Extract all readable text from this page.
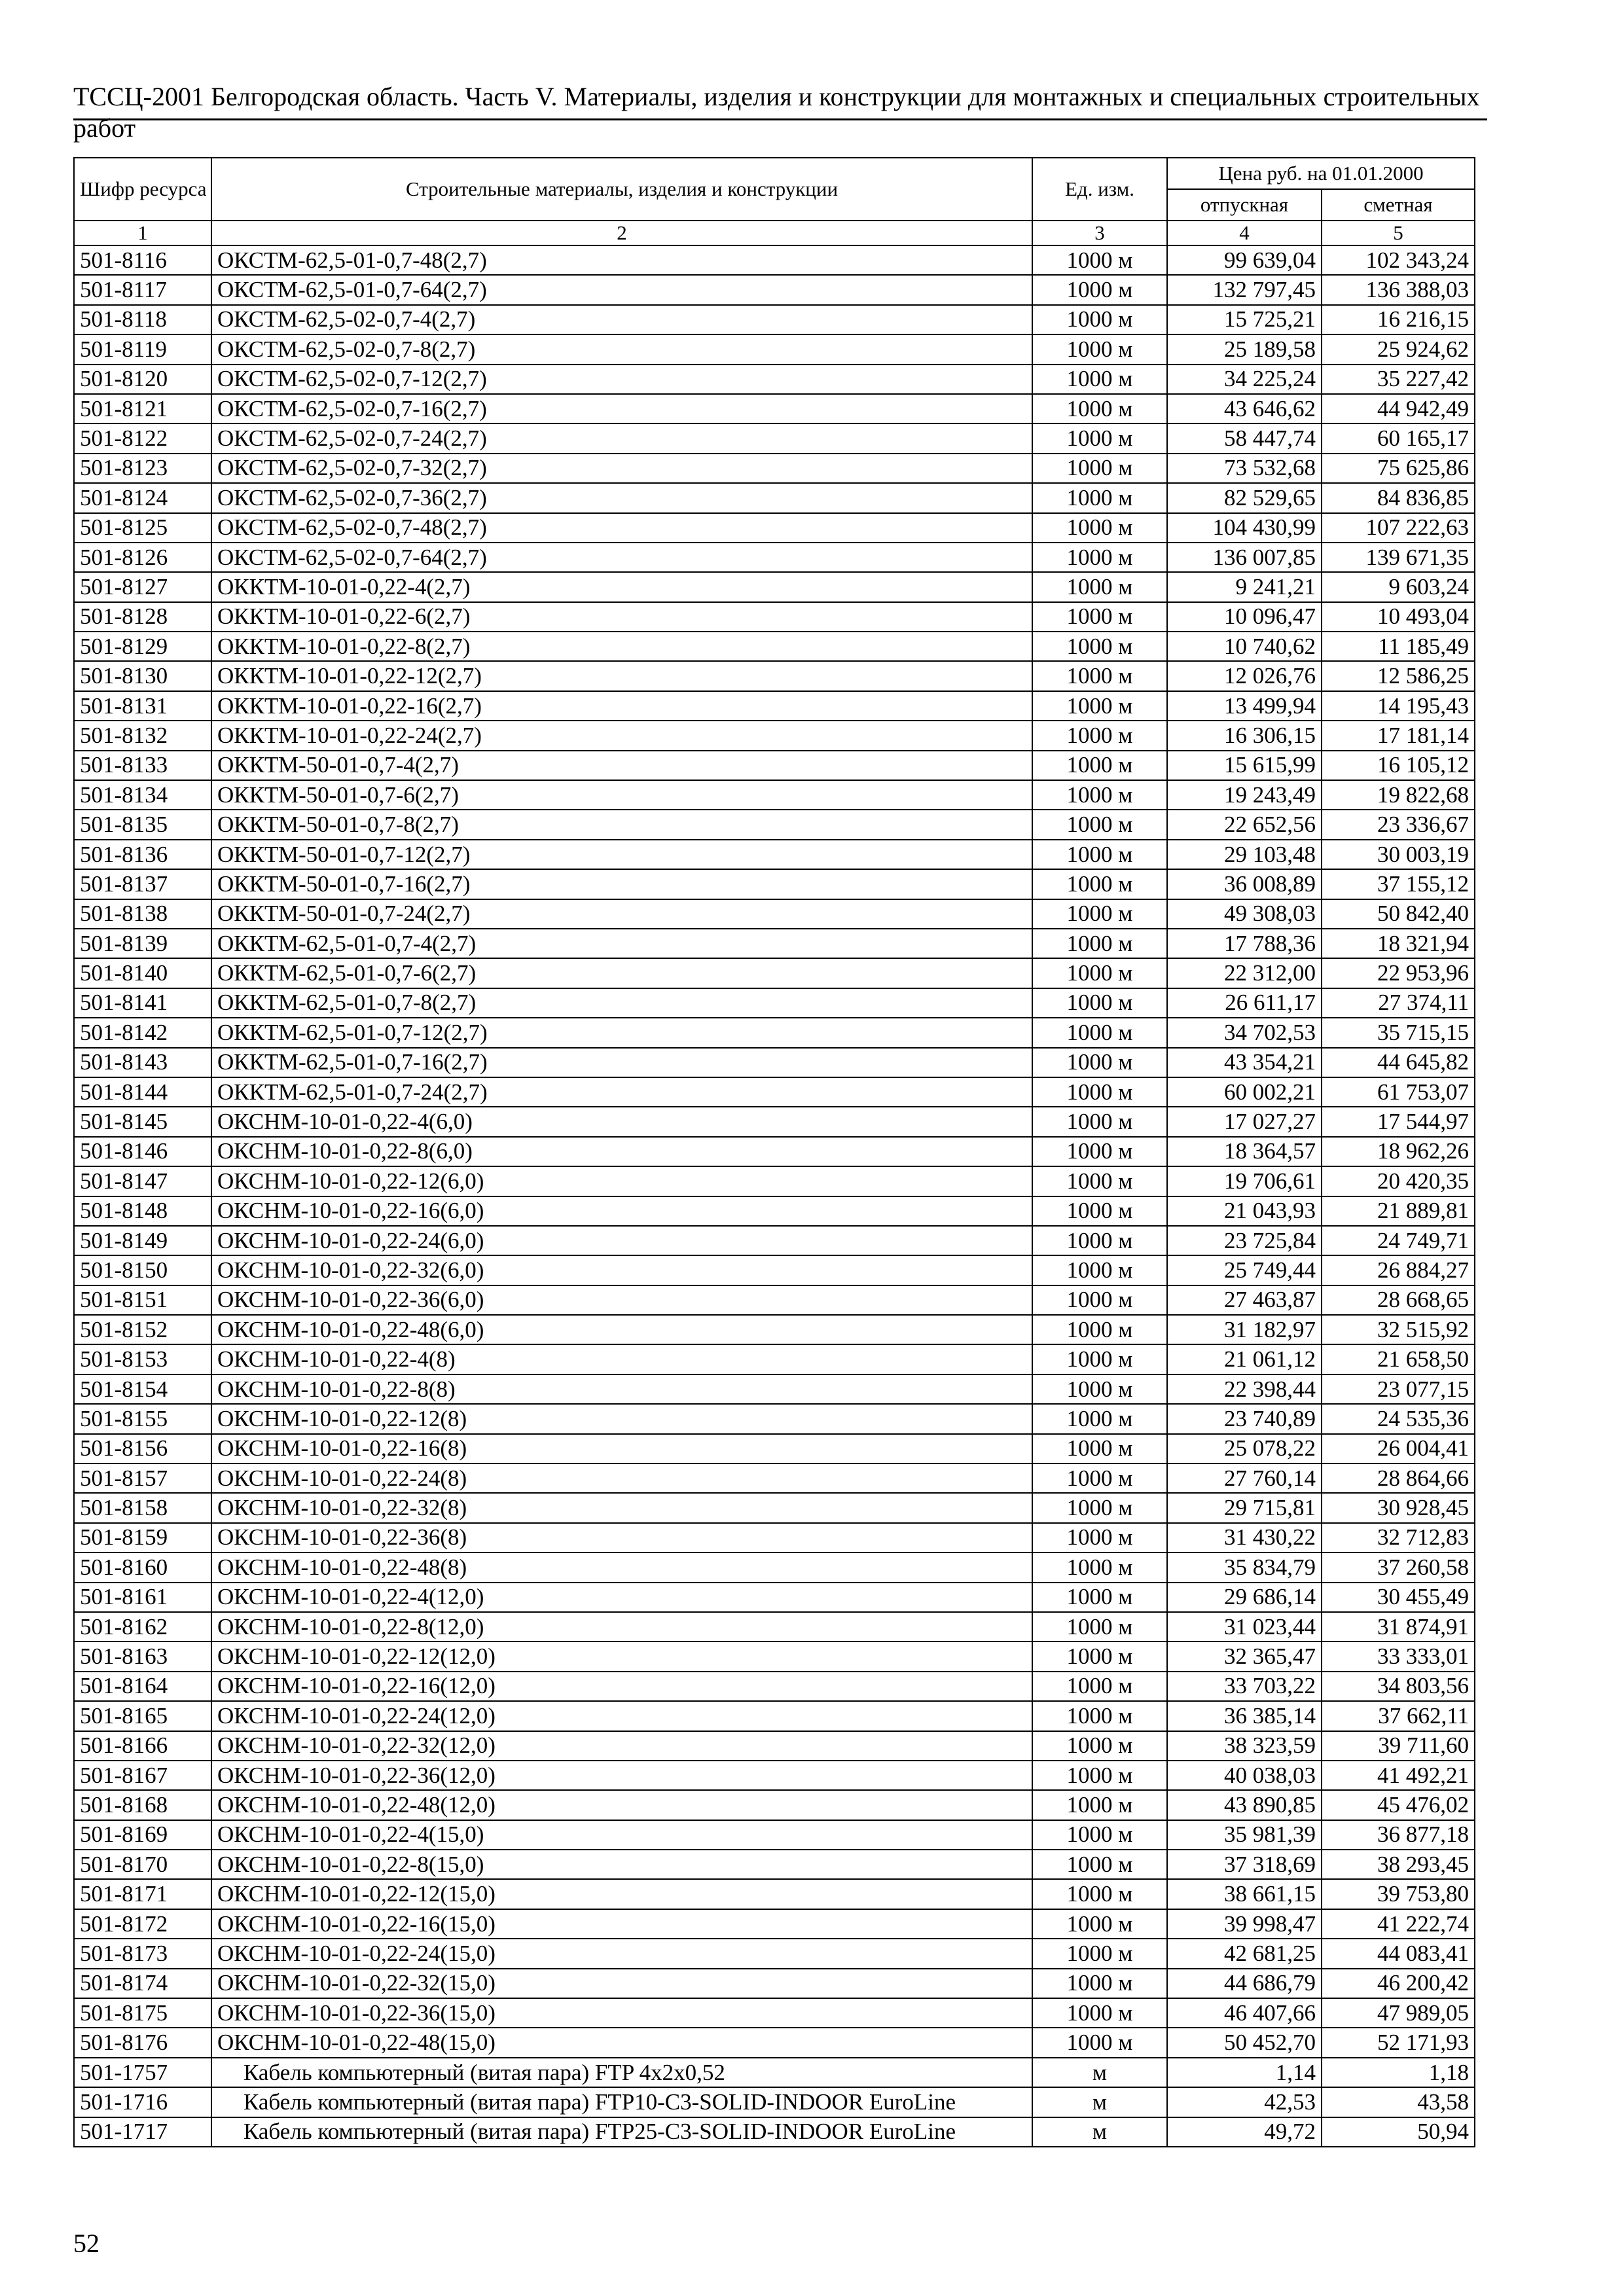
ТССЦ-2001 Белгородская область. Часть V. Материалы, изделия и конструкции для монтажных и специальных строительных работ
Шифр ресурса	Строительные материалы, изделия и конструкции	Ед. изм.	Цена руб. на 01.01.2000	
			отпускная	сметная
1	2	3	4	5
501-8116	ОКСТМ-62,5-01-0,7-48(2,7)	1000 м	99 639,04	102 343,24
501-8117	ОКСТМ-62,5-01-0,7-64(2,7)	1000 м	132 797,45	136 388,03
501-8118	ОКСТМ-62,5-02-0,7-4(2,7)	1000 м	15 725,21	16 216,15
501-8119	ОКСТМ-62,5-02-0,7-8(2,7)	1000 м	25 189,58	25 924,62
501-8120	ОКСТМ-62,5-02-0,7-12(2,7)	1000 м	34 225,24	35 227,42
501-8121	ОКСТМ-62,5-02-0,7-16(2,7)	1000 м	43 646,62	44 942,49
501-8122	ОКСТМ-62,5-02-0,7-24(2,7)	1000 м	58 447,74	60 165,17
501-8123	ОКСТМ-62,5-02-0,7-32(2,7)	1000 м	73 532,68	75 625,86
501-8124	ОКСТМ-62,5-02-0,7-36(2,7)	1000 м	82 529,65	84 836,85
501-8125	ОКСТМ-62,5-02-0,7-48(2,7)	1000 м	104 430,99	107 222,63
501-8126	ОКСТМ-62,5-02-0,7-64(2,7)	1000 м	136 007,85	139 671,35
501-8127	ОККТМ-10-01-0,22-4(2,7)	1000 м	9 241,21	9 603,24
501-8128	ОККТМ-10-01-0,22-6(2,7)	1000 м	10 096,47	10 493,04
501-8129	ОККТМ-10-01-0,22-8(2,7)	1000 м	10 740,62	11 185,49
501-8130	ОККТМ-10-01-0,22-12(2,7)	1000 м	12 026,76	12 586,25
501-8131	ОККТМ-10-01-0,22-16(2,7)	1000 м	13 499,94	14 195,43
501-8132	ОККТМ-10-01-0,22-24(2,7)	1000 м	16 306,15	17 181,14
501-8133	ОККТМ-50-01-0,7-4(2,7)	1000 м	15 615,99	16 105,12
501-8134	ОККТМ-50-01-0,7-6(2,7)	1000 м	19 243,49	19 822,68
501-8135	ОККТМ-50-01-0,7-8(2,7)	1000 м	22 652,56	23 336,67
501-8136	ОККТМ-50-01-0,7-12(2,7)	1000 м	29 103,48	30 003,19
501-8137	ОККТМ-50-01-0,7-16(2,7)	1000 м	36 008,89	37 155,12
501-8138	ОККТМ-50-01-0,7-24(2,7)	1000 м	49 308,03	50 842,40
501-8139	ОККТМ-62,5-01-0,7-4(2,7)	1000 м	17 788,36	18 321,94
501-8140	ОККТМ-62,5-01-0,7-6(2,7)	1000 м	22 312,00	22 953,96
501-8141	ОККТМ-62,5-01-0,7-8(2,7)	1000 м	26 611,17	27 374,11
501-8142	ОККТМ-62,5-01-0,7-12(2,7)	1000 м	34 702,53	35 715,15
501-8143	ОККТМ-62,5-01-0,7-16(2,7)	1000 м	43 354,21	44 645,82
501-8144	ОККТМ-62,5-01-0,7-24(2,7)	1000 м	60 002,21	61 753,07
501-8145	ОКСНМ-10-01-0,22-4(6,0)	1000 м	17 027,27	17 544,97
501-8146	ОКСНМ-10-01-0,22-8(6,0)	1000 м	18 364,57	18 962,26
501-8147	ОКСНМ-10-01-0,22-12(6,0)	1000 м	19 706,61	20 420,35
501-8148	ОКСНМ-10-01-0,22-16(6,0)	1000 м	21 043,93	21 889,81
501-8149	ОКСНМ-10-01-0,22-24(6,0)	1000 м	23 725,84	24 749,71
501-8150	ОКСНМ-10-01-0,22-32(6,0)	1000 м	25 749,44	26 884,27
501-8151	ОКСНМ-10-01-0,22-36(6,0)	1000 м	27 463,87	28 668,65
501-8152	ОКСНМ-10-01-0,22-48(6,0)	1000 м	31 182,97	32 515,92
501-8153	ОКСНМ-10-01-0,22-4(8)	1000 м	21 061,12	21 658,50
501-8154	ОКСНМ-10-01-0,22-8(8)	1000 м	22 398,44	23 077,15
501-8155	ОКСНМ-10-01-0,22-12(8)	1000 м	23 740,89	24 535,36
501-8156	ОКСНМ-10-01-0,22-16(8)	1000 м	25 078,22	26 004,41
501-8157	ОКСНМ-10-01-0,22-24(8)	1000 м	27 760,14	28 864,66
501-8158	ОКСНМ-10-01-0,22-32(8)	1000 м	29 715,81	30 928,45
501-8159	ОКСНМ-10-01-0,22-36(8)	1000 м	31 430,22	32 712,83
501-8160	ОКСНМ-10-01-0,22-48(8)	1000 м	35 834,79	37 260,58
501-8161	ОКСНМ-10-01-0,22-4(12,0)	1000 м	29 686,14	30 455,49
501-8162	ОКСНМ-10-01-0,22-8(12,0)	1000 м	31 023,44	31 874,91
501-8163	ОКСНМ-10-01-0,22-12(12,0)	1000 м	32 365,47	33 333,01
501-8164	ОКСНМ-10-01-0,22-16(12,0)	1000 м	33 703,22	34 803,56
501-8165	ОКСНМ-10-01-0,22-24(12,0)	1000 м	36 385,14	37 662,11
501-8166	ОКСНМ-10-01-0,22-32(12,0)	1000 м	38 323,59	39 711,60
501-8167	ОКСНМ-10-01-0,22-36(12,0)	1000 м	40 038,03	41 492,21
501-8168	ОКСНМ-10-01-0,22-48(12,0)	1000 м	43 890,85	45 476,02
501-8169	ОКСНМ-10-01-0,22-4(15,0)	1000 м	35 981,39	36 877,18
501-8170	ОКСНМ-10-01-0,22-8(15,0)	1000 м	37 318,69	38 293,45
501-8171	ОКСНМ-10-01-0,22-12(15,0)	1000 м	38 661,15	39 753,80
501-8172	ОКСНМ-10-01-0,22-16(15,0)	1000 м	39 998,47	41 222,74
501-8173	ОКСНМ-10-01-0,22-24(15,0)	1000 м	42 681,25	44 083,41
501-8174	ОКСНМ-10-01-0,22-32(15,0)	1000 м	44 686,79	46 200,42
501-8175	ОКСНМ-10-01-0,22-36(15,0)	1000 м	46 407,66	47 989,05
501-8176	ОКСНМ-10-01-0,22-48(15,0)	1000 м	50 452,70	52 171,93
501-1757	Кабель компьютерный (витая пара) FTP 4x2x0,52	м	1,14	1,18
501-1716	Кабель компьютерный (витая пара) FTP10-C3-SOLID-INDOOR EuroLine	м	42,53	43,58
501-1717	Кабель компьютерный (витая пара) FTP25-C3-SOLID-INDOOR EuroLine	м	49,72	50,94
52
